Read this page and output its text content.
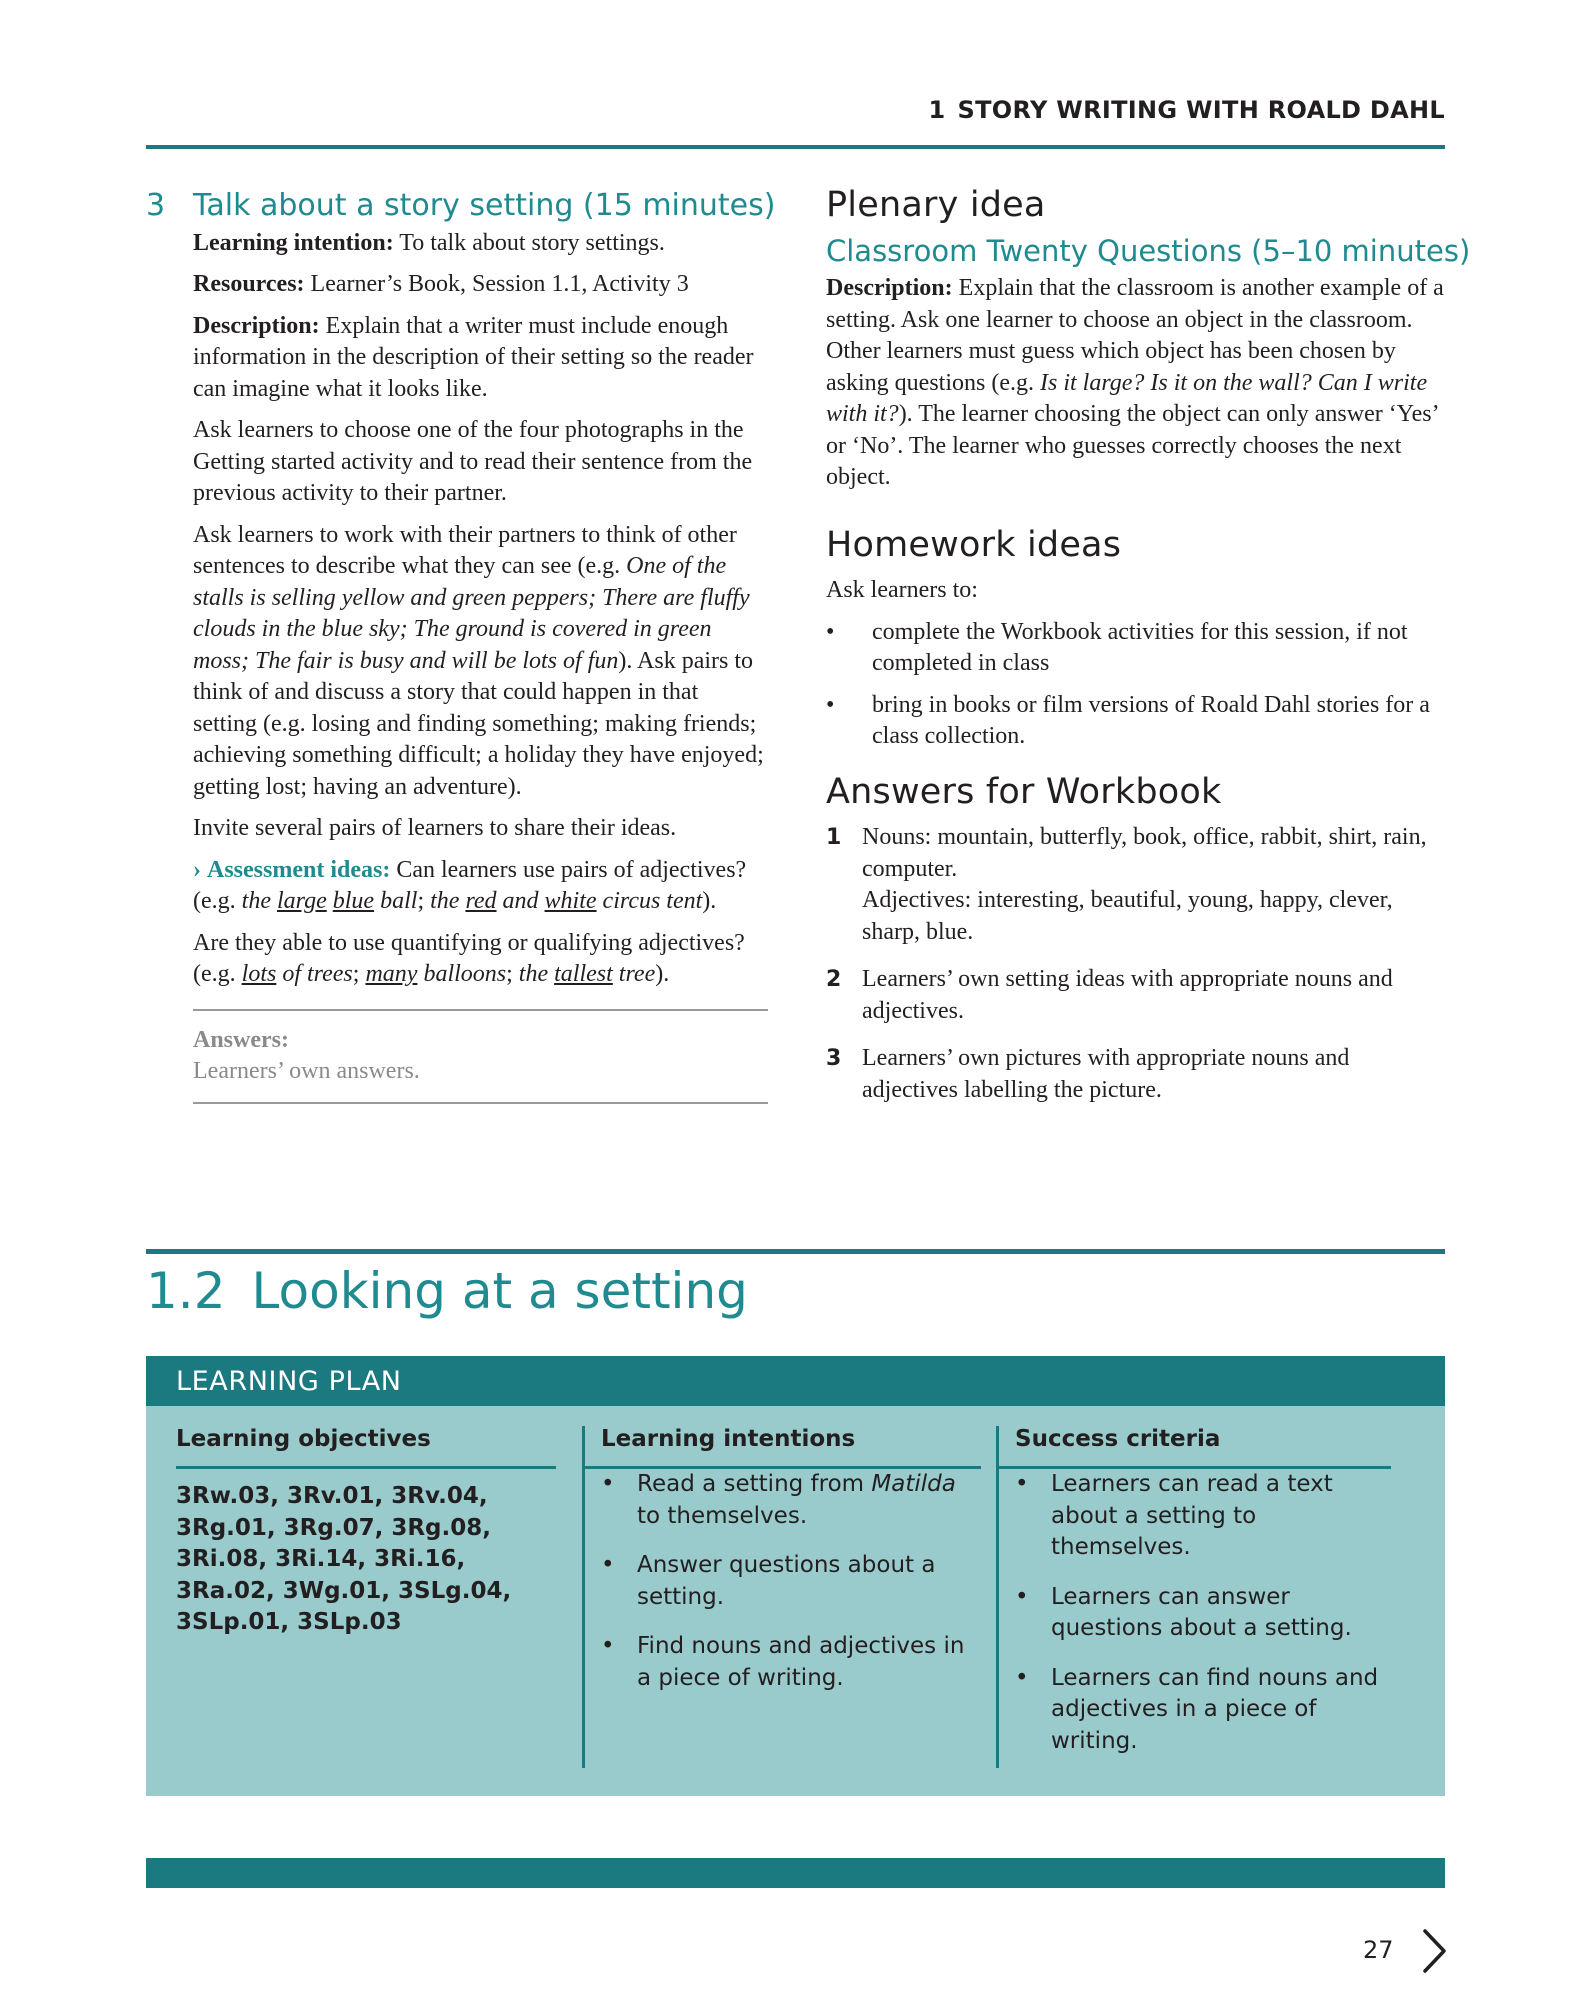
1 STORY WRITING WITH ROALD DAHL
3 Talk about a story setting (15 minutes)

Learning intention: To talk about story settings.

Resources: Learner’s Book, Session 1.1, Activity 3

Description: Explain that a writer must include enough information in the description of their setting so the reader can imagine what it looks like.

Ask learners to choose one of the four photographs in the Getting started activity and to read their sentence from the previous activity to their partner.

Ask learners to work with their partners to think of other sentences to describe what they can see (e.g. One of the stalls is selling yellow and green peppers; There are fluffy clouds in the blue sky; The ground is covered in green moss; The fair is busy and will be lots of fun). Ask pairs to think of and discuss a story that could happen in that setting (e.g. losing and finding something; making friends; achieving something difficult; a holiday they have enjoyed; getting lost; having an adventure).

Invite several pairs of learners to share their ideas.

› Assessment ideas: Can learners use pairs of adjectives? (e.g. the large blue ball; the red and white circus tent).

Are they able to use quantifying or qualifying adjectives? (e.g. lots of trees; many balloons; the tallest tree).

Answers:
Learners’ own answers.
Plenary idea
Classroom Twenty Questions (5–10 minutes)

Description: Explain that the classroom is another example of a setting. Ask one learner to choose an object in the classroom. Other learners must guess which object has been chosen by asking questions (e.g. Is it large? Is it on the wall? Can I write with it?). The learner choosing the object can only answer ‘Yes’ or ‘No’. The learner who guesses correctly chooses the next object.

Homework ideas

Ask learners to:

•	complete the Workbook activities for this session, if not completed in class
•	bring in books or film versions of Roald Dahl stories for a class collection.
Answers for Workbook
1 Nouns: mountain, butterfly, book, office, rabbit, shirt, rain, computer.
Adjectives: interesting, beautiful, young, happy, clever, sharp, blue.
2 Learners’ own setting ideas with appropriate nouns and adjectives.
3 Learners’ own pictures with appropriate nouns and adjectives labelling the picture.
1.2 Looking at a setting
LEARNING PLAN
Learning objectives
3Rw.03, 3Rv.01, 3Rv.04, 3Rg.01, 3Rg.07, 3Rg.08, 3Ri.08, 3Ri.14, 3Ri.16, 3Ra.02, 3Wg.01, 3SLg.04, 3SLp.01, 3SLp.03
Learning intentions
• Read a setting from Matilda to themselves.
• Answer questions about a setting.
• Find nouns and adjectives in a piece of writing.
Success criteria
• Learners can read a text about a setting to themselves.
• Learners can answer questions about a setting.
• Learners can find nouns and adjectives in a piece of writing.
27
